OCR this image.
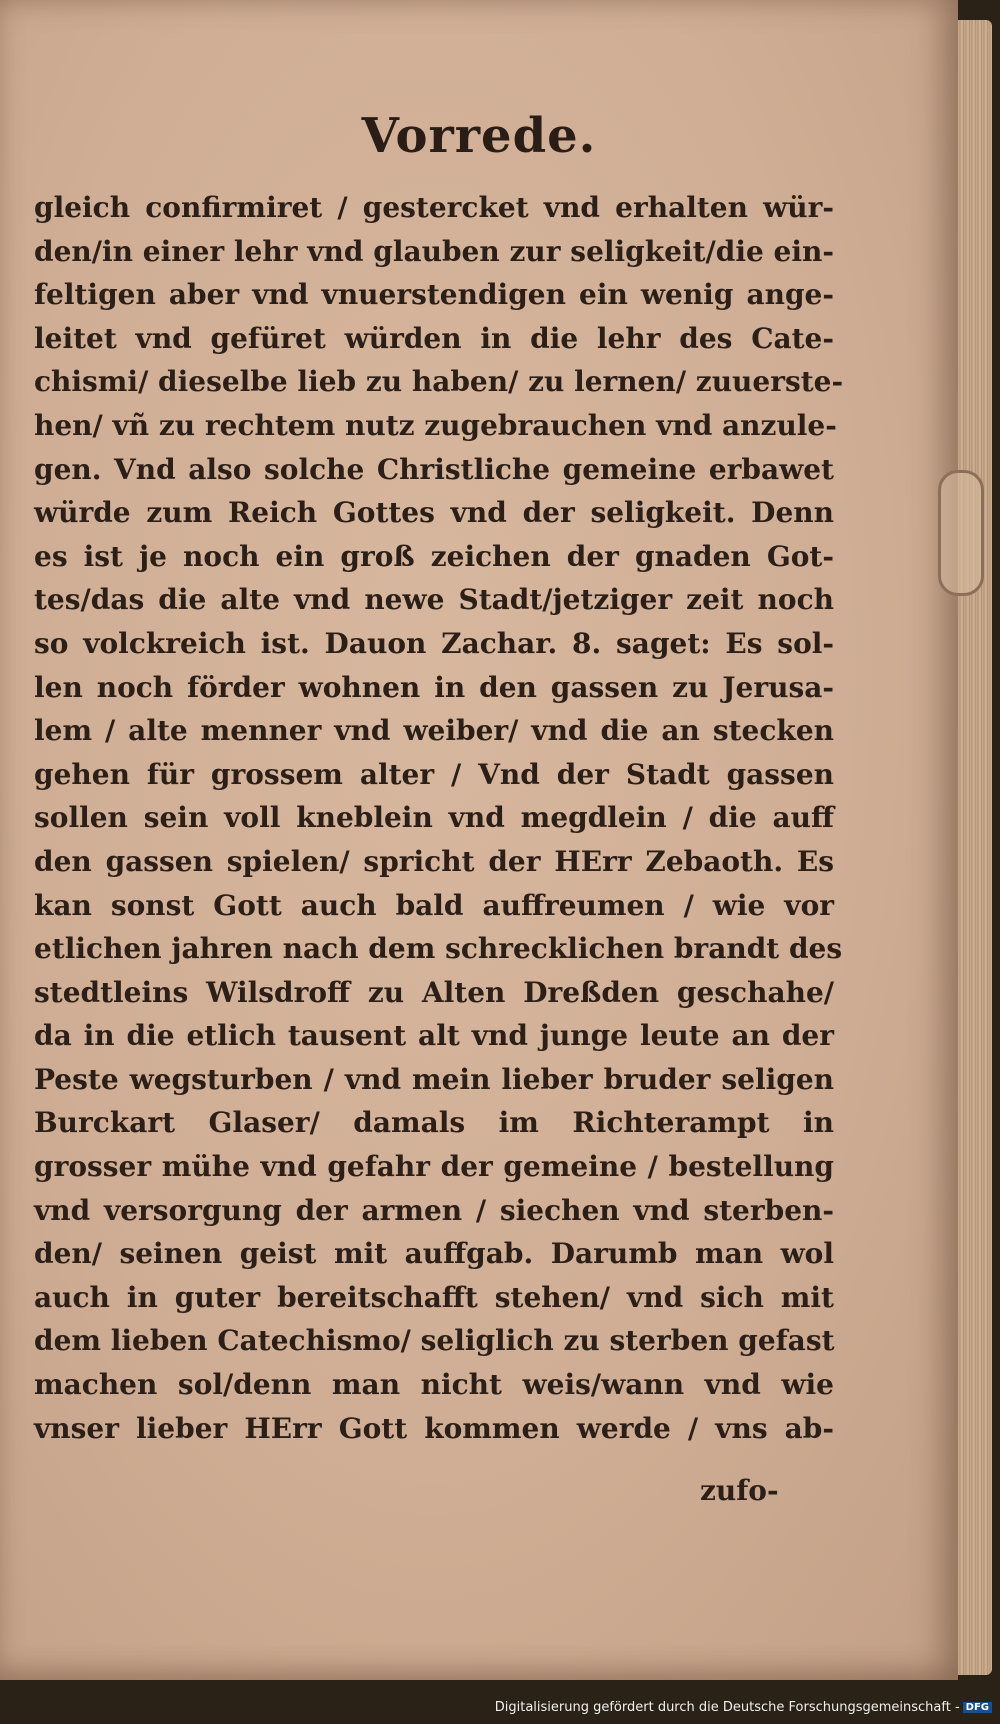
Vorrede.
gleich confirmiret / gestercket vnd erhalten wür-
den/in einer lehr vnd glauben zur seligkeit/die ein-
feltigen aber vnd vnuerstendigen ein wenig ange-
leitet vnd gefüret würden in die lehr des Cate-
chismi/ dieselbe lieb zu haben/ zu lernen/ zuuerste-
hen/ vñ zu rechtem nutz zugebrauchen vnd anzule-
gen. Vnd also solche Christliche gemeine erbawet
würde zum Reich Gottes vnd der seligkeit. Denn
es ist je noch ein groß zeichen der gnaden Got-
tes/das die alte vnd newe Stadt/jetziger zeit noch
so volckreich ist. Dauon Zachar. 8. saget: Es sol-
len noch förder wohnen in den gassen zu Jerusa-
lem / alte menner vnd weiber/ vnd die an stecken
gehen für grossem alter / Vnd der Stadt gassen
sollen sein voll kneblein vnd megdlein / die auff
den gassen spielen/ spricht der HErr Zebaoth. Es
kan sonst Gott auch bald auffreumen / wie vor
etlichen jahren nach dem schrecklichen brandt des
stedtleins Wilsdroff zu Alten Dreßden geschahe/
da in die etlich tausent alt vnd junge leute an der
Peste wegsturben / vnd mein lieber bruder seligen
Burckart Glaser/ damals im Richterampt in
grosser mühe vnd gefahr der gemeine / bestellung
vnd versorgung der armen / siechen vnd sterben-
den/ seinen geist mit auffgab. Darumb man wol
auch in guter bereitschafft stehen/ vnd sich mit
dem lieben Catechismo/ seliglich zu sterben gefast
machen sol/denn man nicht weis/wann vnd wie
vnser lieber HErr Gott kommen werde / vns ab-
zufo-
Digitalisierung gefördert durch die Deutsche Forschungsgemeinschaft - DFG
